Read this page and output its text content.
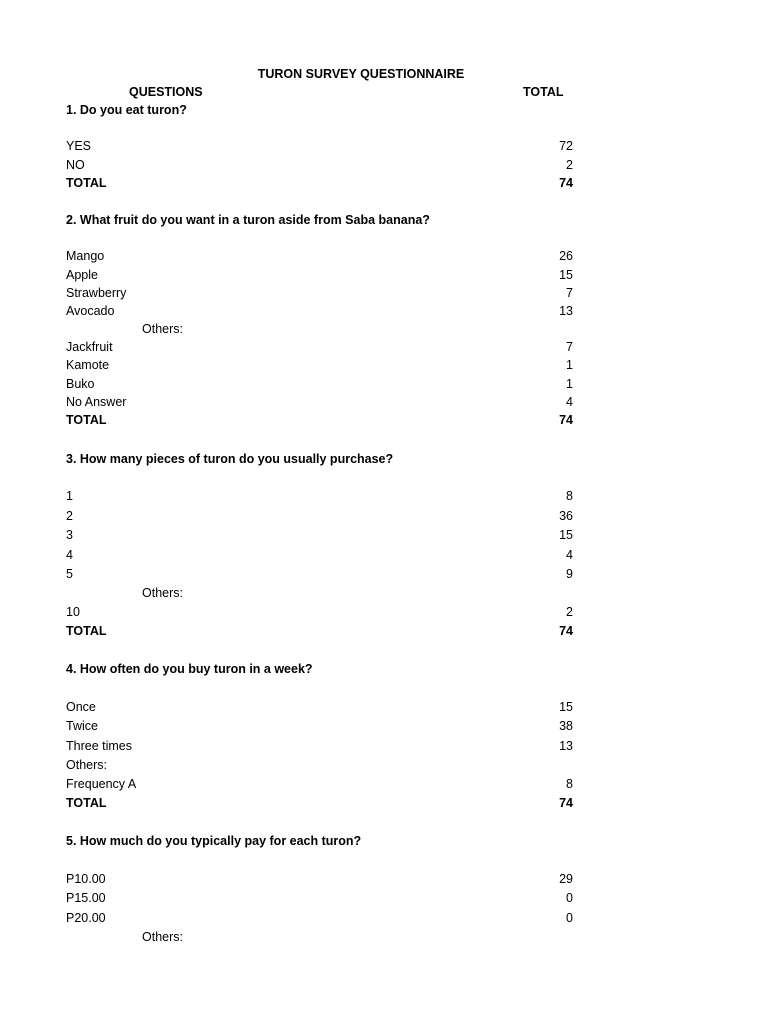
TURON SURVEY QUESTIONNAIRE
QUESTIONS	TOTAL
1. Do you eat turon?
YES	72
NO	2
TOTAL	74
2. What fruit do you want in a turon aside from Saba banana?
Mango	26
Apple	15
Strawberry	7
Avocado	13
Others:
Jackfruit	7
Kamote	1
Buko	1
No Answer	4
TOTAL	74
3. How many pieces of turon do you usually purchase?
1	8
2	36
3	15
4	4
5	9
Others:
10	2
TOTAL	74
4. How often do you buy turon in a week?
Once	15
Twice	38
Three times	13
Others:
Frequency A	8
TOTAL	74
5. How much do you typically pay for each turon?
P10.00	29
P15.00	0
P20.00	0
Others:
